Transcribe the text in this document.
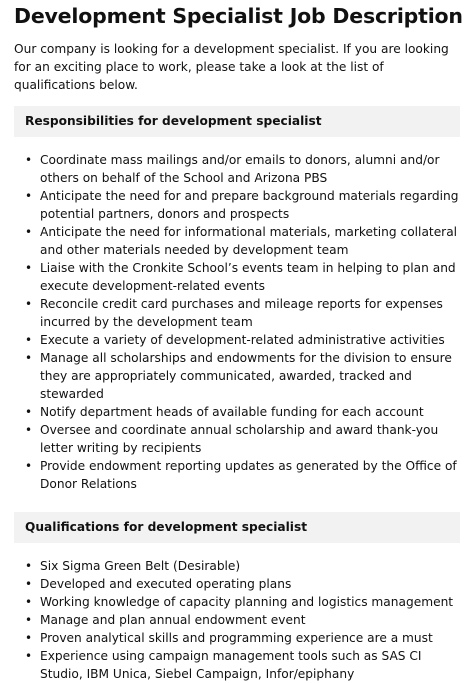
Development Specialist Job Description

Our company is looking for a development specialist. If you are looking for an exciting place to work, please take a look at the list of qualifications below.

Responsibilities for development specialist
• Coordinate mass mailings and/or emails to donors, alumni and/or others on behalf of the School and Arizona PBS
• Anticipate the need for and prepare background materials regarding potential partners, donors and prospects
• Anticipate the need for informational materials, marketing collateral and other materials needed by development team
• Liaise with the Cronkite School’s events team in helping to plan and execute development-related events
• Reconcile credit card purchases and mileage reports for expenses incurred by the development team
• Execute a variety of development-related administrative activities
• Manage all scholarships and endowments for the division to ensure they are appropriately communicated, awarded, tracked and stewarded
• Notify department heads of available funding for each account
• Oversee and coordinate annual scholarship and award thank-you letter writing by recipients
• Provide endowment reporting updates as generated by the Office of Donor Relations
Qualifications for development specialist
• Six Sigma Green Belt (Desirable)
• Developed and executed operating plans
• Working knowledge of capacity planning and logistics management
• Manage and plan annual endowment event
• Proven analytical skills and programming experience are a must
• Experience using campaign management tools such as SAS CI Studio, IBM Unica, Siebel Campaign, Infor/epiphany
